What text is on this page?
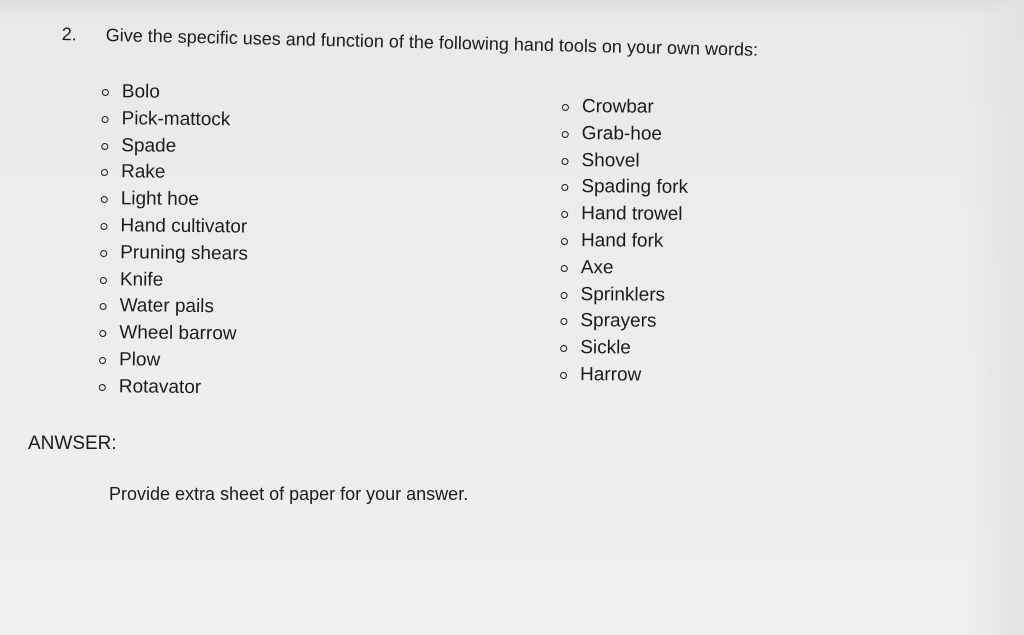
2. Give the specific uses and function of the following hand tools on your own words:
Bolo
Pick-mattock
Spade
Rake
Light hoe
Hand cultivator
Pruning shears
Knife
Water pails
Wheel barrow
Plow
Rotavator
Crowbar
Grab-hoe
Shovel
Spading fork
Hand trowel
Hand fork
Axe
Sprinklers
Sprayers
Sickle
Harrow
ANWSER:
Provide extra sheet of paper for your answer.
